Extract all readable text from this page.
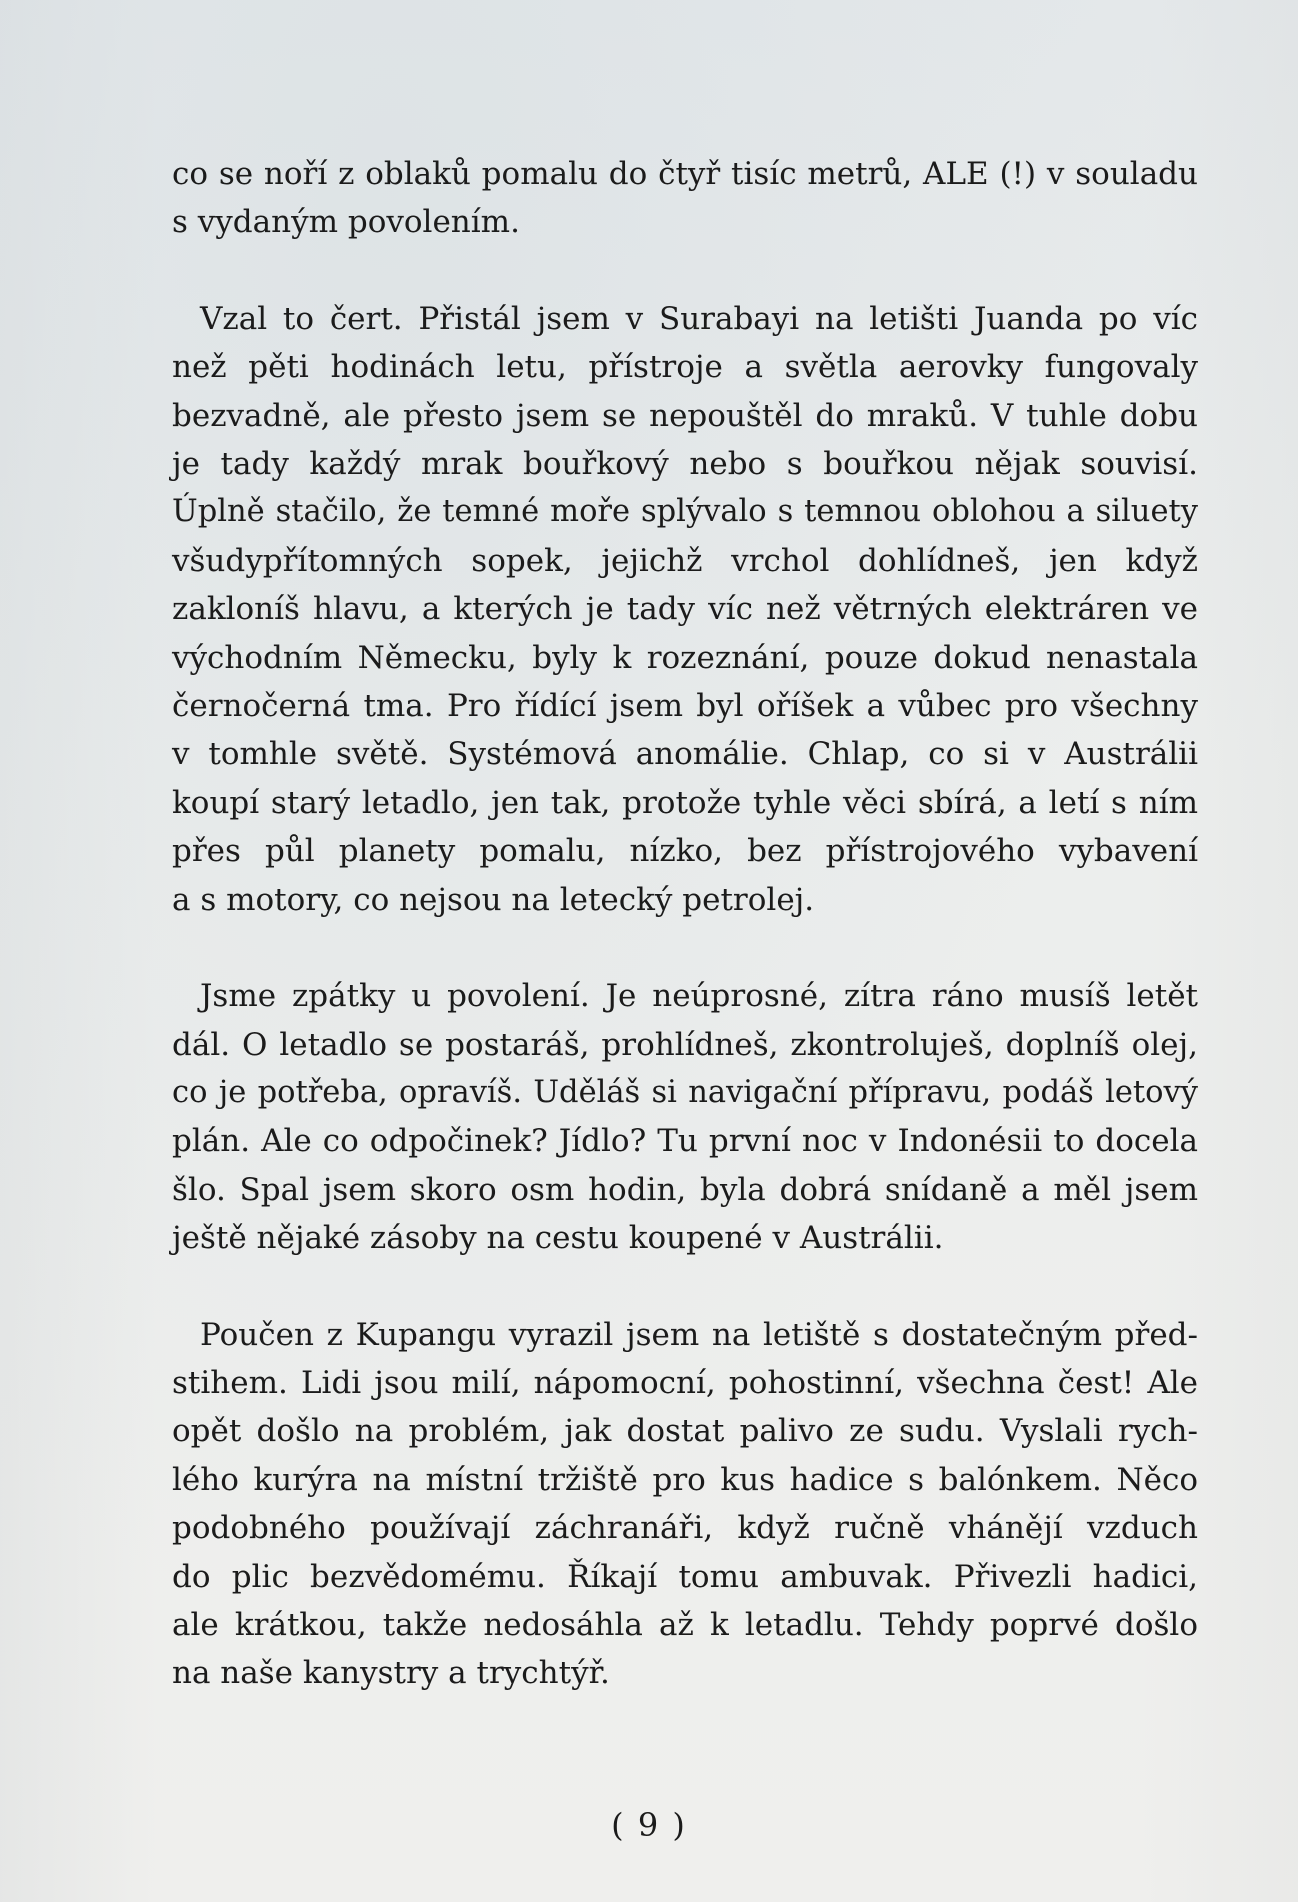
co se noří z oblaků pomalu do čtyř tisíc metrů, ALE (!) v souladu
s vydaným povolením.
Vzal to čert. Přistál jsem v Surabayi na letišti Juanda po víc
než pěti hodinách letu, přístroje a světla aerovky fungovaly
bezvadně, ale přesto jsem se nepouštěl do mraků. V tuhle dobu
je tady každý mrak bouřkový nebo s bouřkou nějak souvisí.
Úplně stačilo, že temné moře splývalo s temnou oblohou a siluety
všudypřítomných sopek, jejichž vrchol dohlídneš, jen když
zakloníš hlavu, a kterých je tady víc než větrných elektráren ve
východním Německu, byly k rozeznání, pouze dokud nenastala
černočerná tma. Pro řídící jsem byl oříšek a vůbec pro všechny
v tomhle světě. Systémová anomálie. Chlap, co si v Austrálii
koupí starý letadlo, jen tak, protože tyhle věci sbírá, a letí s ním
přes půl planety pomalu, nízko, bez přístrojového vybavení
a s motory, co nejsou na letecký petrolej.
Jsme zpátky u povolení. Je neúprosné, zítra ráno musíš letět
dál. O letadlo se postaráš, prohlídneš, zkontroluješ, doplníš olej,
co je potřeba, opravíš. Uděláš si navigační přípravu, podáš letový
plán. Ale co odpočinek? Jídlo? Tu první noc v Indonésii to docela
šlo. Spal jsem skoro osm hodin, byla dobrá snídaně a měl jsem
ještě nějaké zásoby na cestu koupené v Austrálii.
Poučen z Kupangu vyrazil jsem na letiště s dostatečným před-
stihem. Lidi jsou milí, nápomocní, pohostinní, všechna čest! Ale
opět došlo na problém, jak dostat palivo ze sudu. Vyslali rych-
lého kurýra na místní tržiště pro kus hadice s balónkem. Něco
podobného používají záchranáři, když ručně vhánějí vzduch
do plic bezvědomému. Říkají tomu ambuvak. Přivezli hadici,
ale krátkou, takže nedosáhla až k letadlu. Tehdy poprvé došlo
na naše kanystry a trychtýř.
( 9 )
